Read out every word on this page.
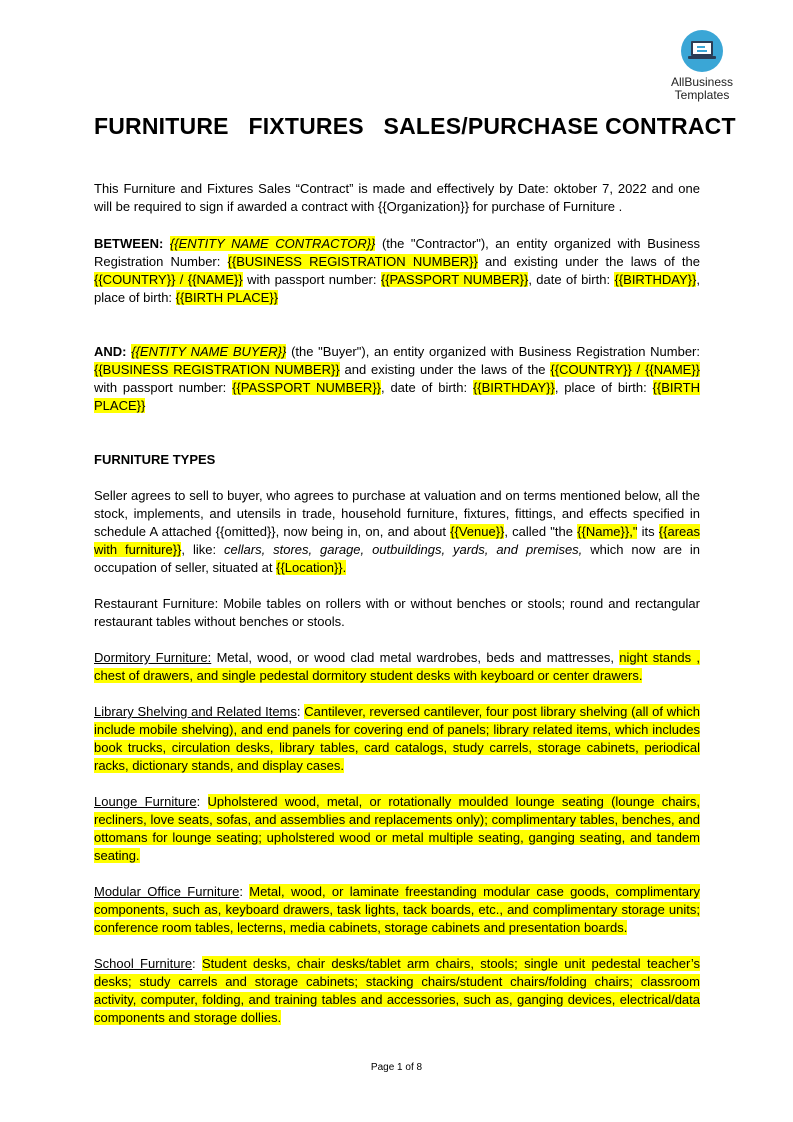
AllBusiness
Templates
FURNITURE   FIXTURES   SALES/PURCHASE CONTRACT

This Furniture and Fixtures Sales “Contract” is made and effectively by Date: oktober 7, 2022 and one will be required to sign if awarded a contract with {{Organization}} for purchase of Furniture .

BETWEEN: {{ENTITY NAME CONTRACTOR}} (the "Contractor"), an entity organized with Business Registration Number: {{BUSINESS REGISTRATION NUMBER}} and existing under the laws of the {{COUNTRY}} / {{NAME}} with passport number: {{PASSPORT NUMBER}}, date of birth: {{BIRTHDAY}}, place of birth: {{BIRTH PLACE}}

AND: {{ENTITY NAME BUYER}} (the "Buyer"), an entity organized with Business Registration Number: {{BUSINESS REGISTRATION NUMBER}} and existing under the laws of the {{COUNTRY}} / {{NAME}} with passport number: {{PASSPORT NUMBER}}, date of birth: {{BIRTHDAY}}, place of birth: {{BIRTH PLACE}}

FURNITURE TYPES

Seller agrees to sell to buyer, who agrees to purchase at valuation and on terms mentioned below, all the stock, implements, and utensils in trade, household furniture, fixtures, fittings, and effects specified in schedule A attached {{omitted}}, now being in, on, and about {{Venue}}, called "the {{Name}}," its {{areas with furniture}}, like: cellars, stores, garage, outbuildings, yards, and premises, which now are in occupation of seller, situated at {{Location}}.

Restaurant Furniture: Mobile tables on rollers with or without benches or stools; round and rectangular restaurant tables without benches or stools.

Dormitory Furniture: Metal, wood, or wood clad metal wardrobes, beds and mattresses, night stands , chest of drawers, and single pedestal dormitory student desks with keyboard or center drawers.

Library Shelving and Related Items: Cantilever, reversed cantilever, four post library shelving (all of which include mobile shelving), and end panels for covering end of panels; library related items, which includes book trucks, circulation desks, library tables, card catalogs, study carrels, storage cabinets, periodical racks, dictionary stands, and display cases.

Lounge Furniture: Upholstered wood, metal, or rotationally moulded lounge seating (lounge chairs, recliners, love seats, sofas, and assemblies and replacements only); complimentary tables, benches, and ottomans for lounge seating; upholstered wood or metal multiple seating, ganging seating, and tandem seating.

Modular Office Furniture: Metal, wood, or laminate freestanding modular case goods, complimentary components, such as, keyboard drawers, task lights, tack boards, etc., and complimentary storage units; conference room tables, lecterns, media cabinets, storage cabinets and presentation boards.

School Furniture: Student desks, chair desks/tablet arm chairs, stools; single unit pedestal teacher’s desks; study carrels and storage cabinets; stacking chairs/student chairs/folding chairs; classroom activity, computer, folding, and training tables and accessories, such as, ganging devices, electrical/data components and storage dollies.

Page 1 of 8
